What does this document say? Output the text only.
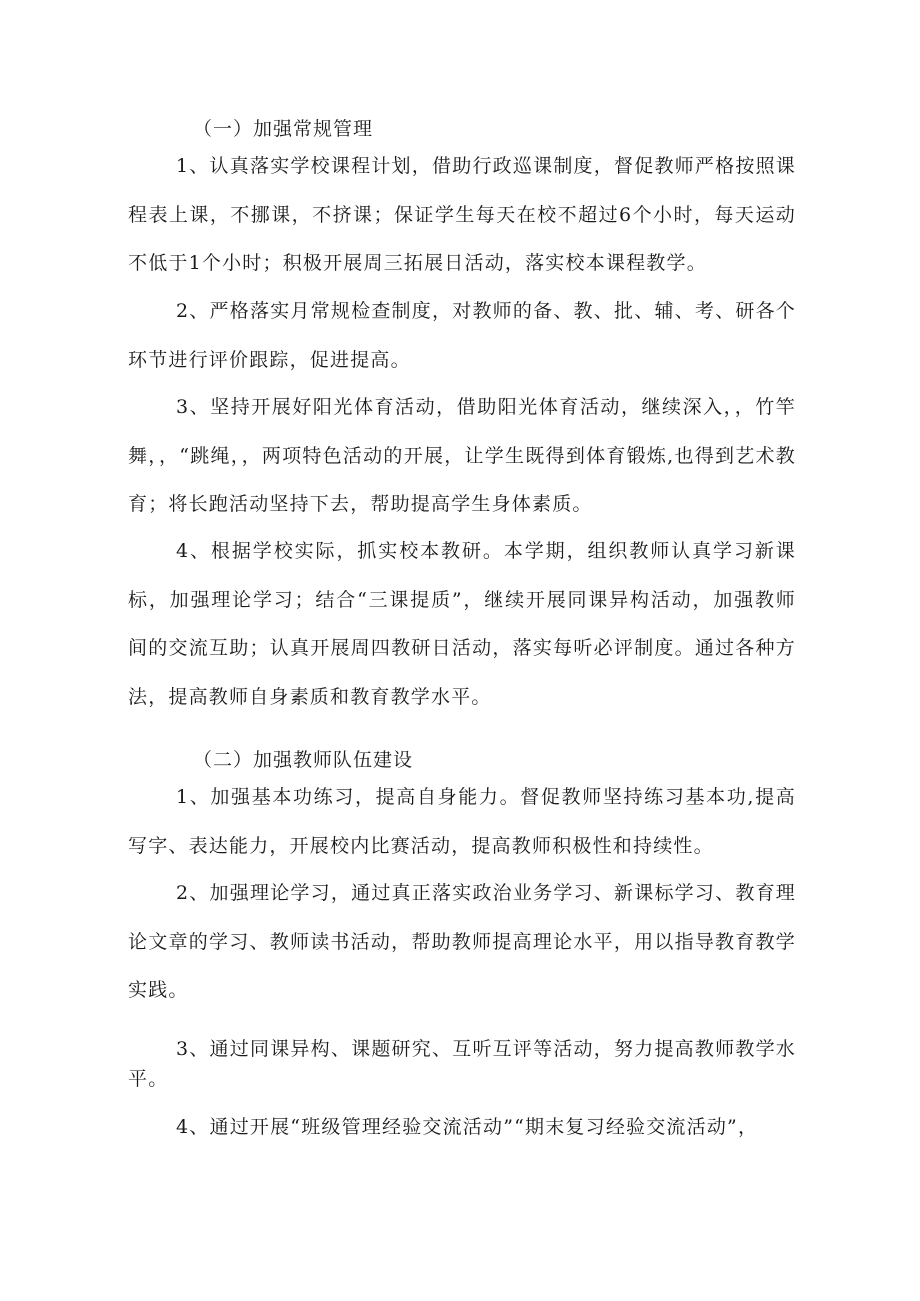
（一）加强常规管理

1、认真落实学校课程计划，借助行政巡课制度，督促教师严格按照课程表上课，不挪课，不挤课；保证学生每天在校不超过6个小时，每天运动不低于1个小时；积极开展周三拓展日活动，落实校本课程教学。

2、严格落实月常规检查制度，对教师的备、教、批、辅、考、研各个环节进行评价跟踪，促进提高。

3、坚持开展好阳光体育活动，借助阳光体育活动，继续深入，，竹竿舞，，“跳绳，，两项特色活动的开展，让学生既得到体育锻炼,也得到艺术教育；将长跑活动坚持下去，帮助提高学生身体素质。

4、根据学校实际，抓实校本教研。本学期，组织教师认真学习新课标，加强理论学习；结合“三课提质”，继续开展同课异构活动，加强教师间的交流互助；认真开展周四教研日活动，落实每听必评制度。通过各种方法，提高教师自身素质和教育教学水平。

（二）加强教师队伍建设

1、加强基本功练习，提高自身能力。督促教师坚持练习基本功,提高写字、表达能力，开展校内比赛活动，提高教师积极性和持续性。

2、加强理论学习，通过真正落实政治业务学习、新课标学习、教育理论文章的学习、教师读书活动，帮助教师提高理论水平，用以指导教育教学实践。

3、通过同课异构、课题研究、互听互评等活动，努力提高教师教学水平。

4、通过开展“班级管理经验交流活动”“期末复习经验交流活动”，
